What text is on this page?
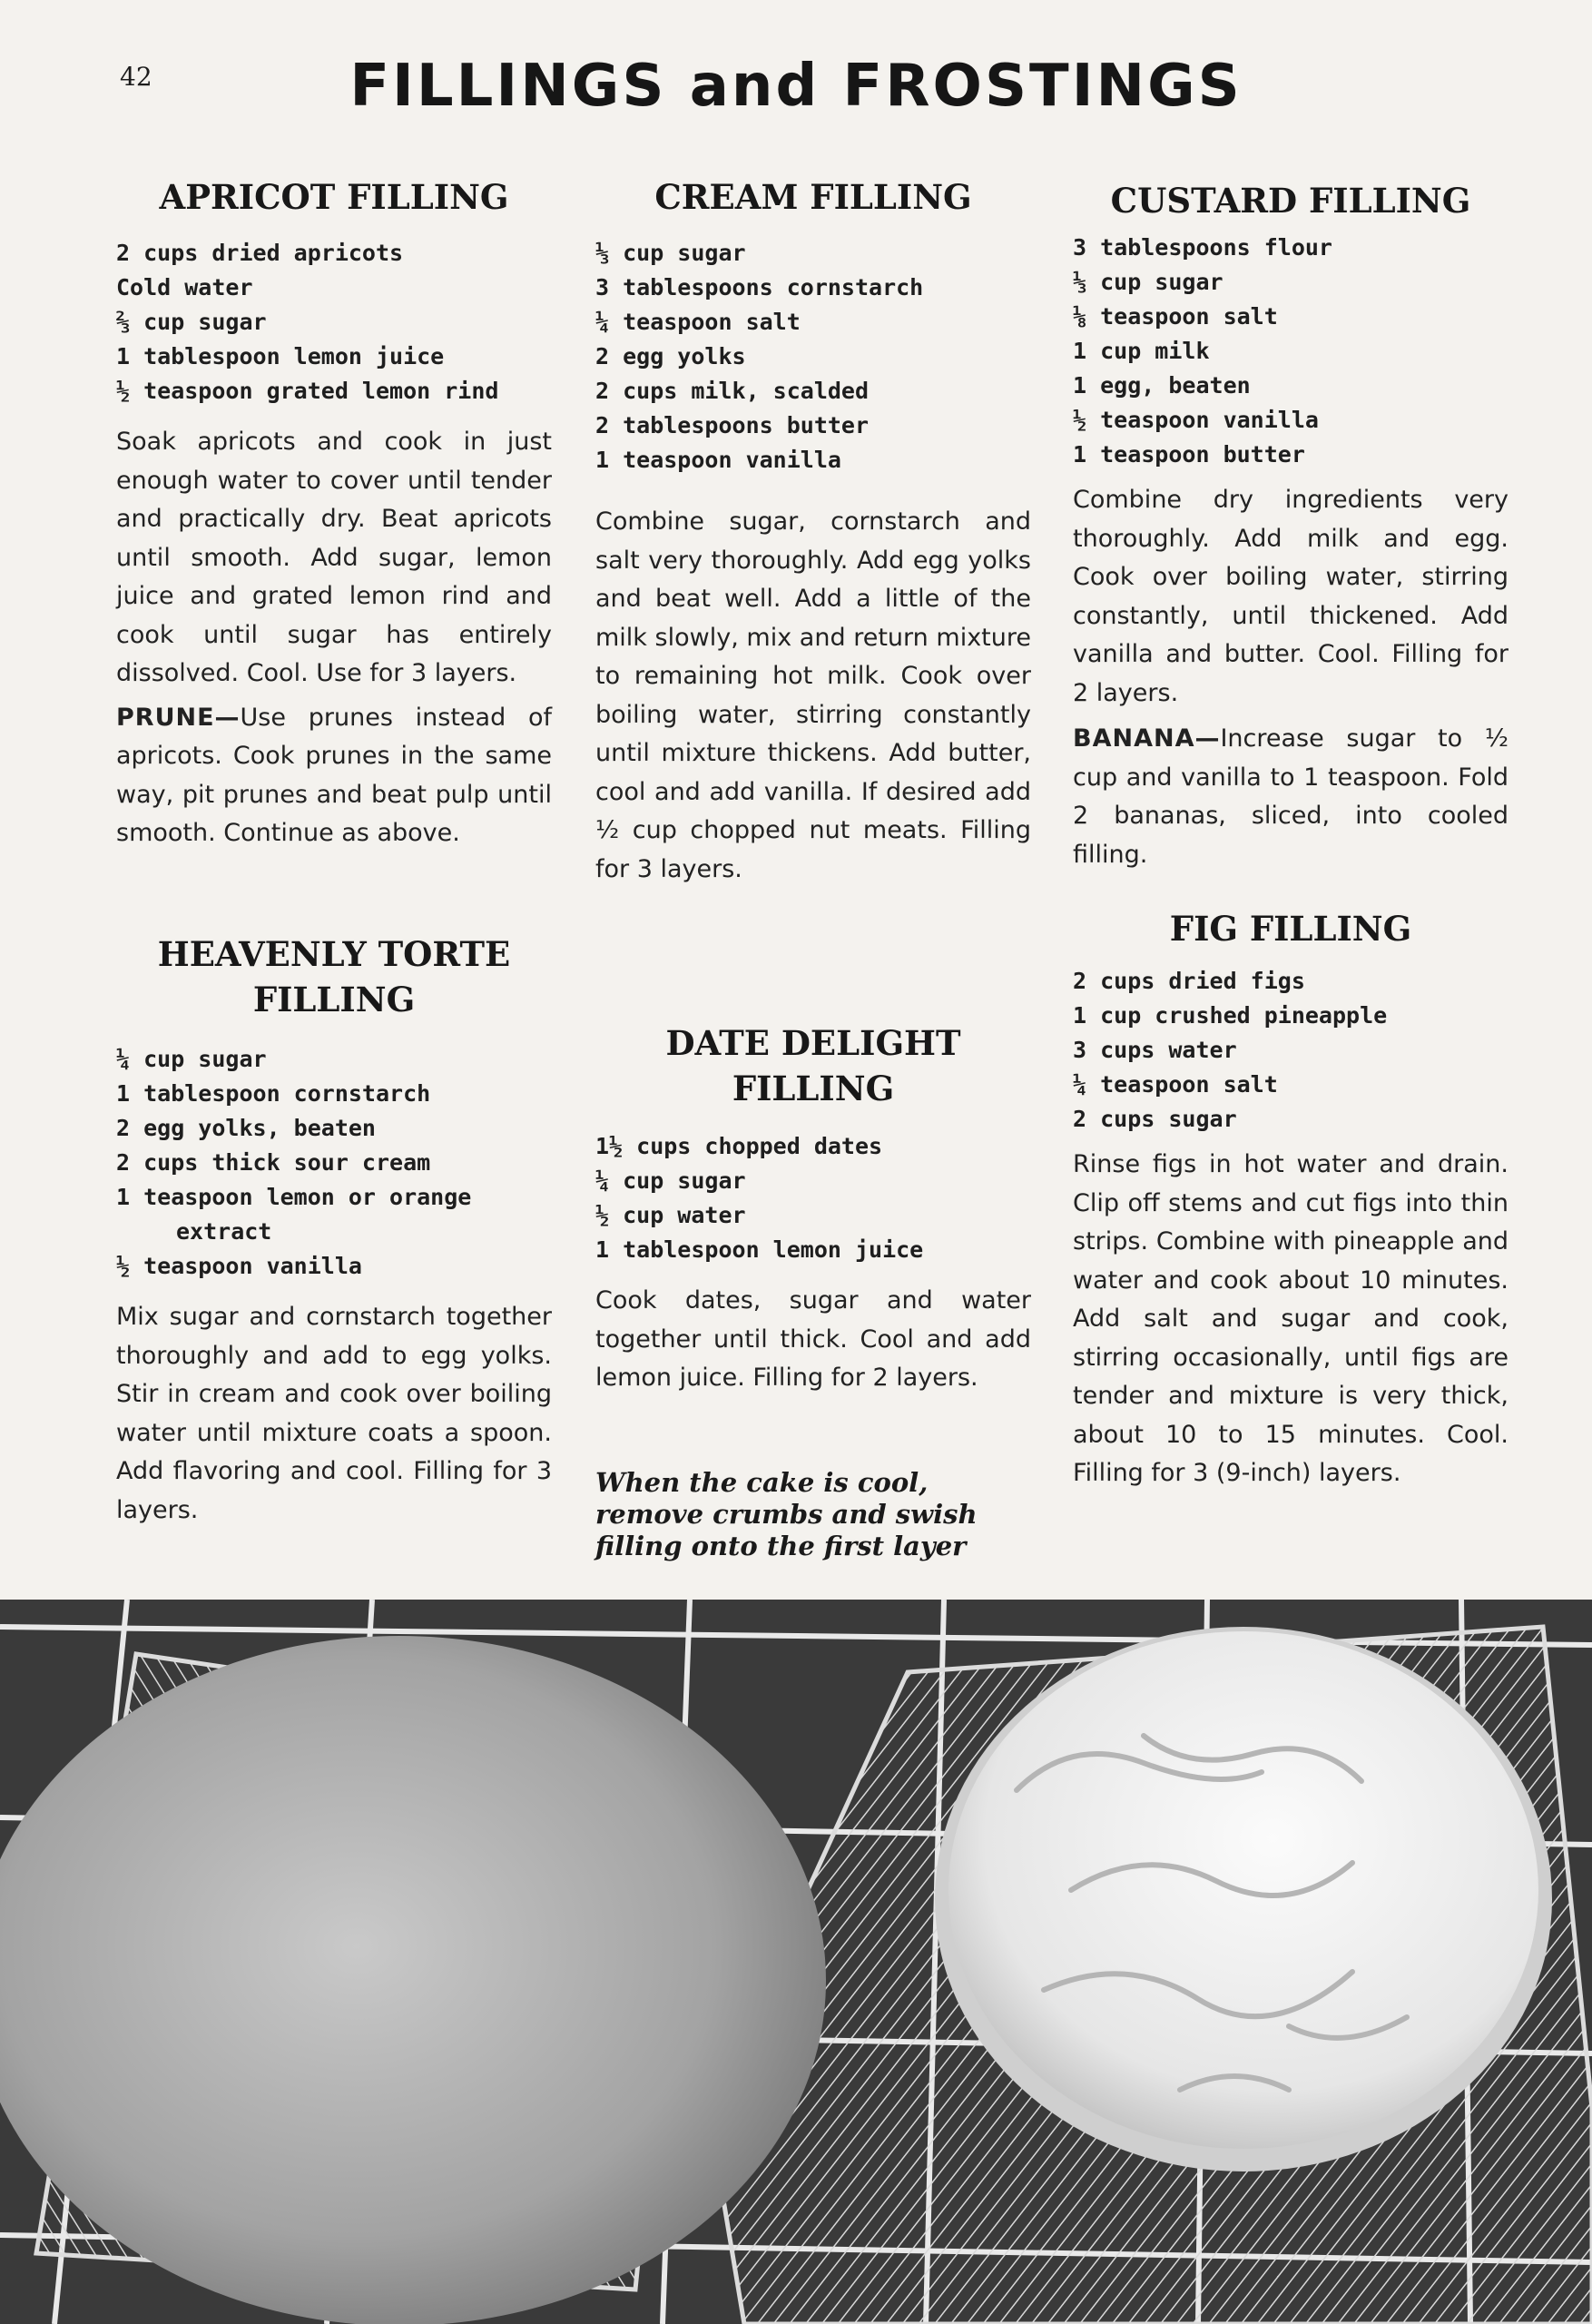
42	FILLINGS and FROSTINGS
APRICOT FILLING
2 cups dried apricots
Cold water
⅔ cup sugar
1 tablespoon lemon juice
½ teaspoon grated lemon rind

Soak apricots and cook in just enough water to cover until tender and practically dry. Beat apricots until smooth. Add sugar, lemon juice and grated lemon rind and cook until sugar has entirely dissolved. Cool. Use for 3 layers.

PRUNE—Use prunes instead of apricots. Cook prunes in the same way, pit prunes and beat pulp until smooth. Continue as above.

HEAVENLY TORTE
FILLING
¼ cup sugar
1 tablespoon cornstarch
2 egg yolks, beaten
2 cups thick sour cream
1 teaspoon lemon or orange
extract
½ teaspoon vanilla

Mix sugar and cornstarch together thoroughly and add to egg yolks. Stir in cream and cook over boiling water until mixture coats a spoon. Add flavoring and cool. Filling for 3 layers.

CREAM FILLING
⅓ cup sugar
3 tablespoons cornstarch
¼ teaspoon salt
2 egg yolks
2 cups milk, scalded
2 tablespoons butter
1 teaspoon vanilla

Combine sugar, cornstarch and salt very thoroughly. Add egg yolks and beat well. Add a little of the milk slowly, mix and return mixture to remaining hot milk. Cook over boiling water, stirring constantly until mixture thickens. Add butter, cool and add vanilla. If desired add ½ cup chopped nut meats. Filling for 3 layers.

DATE DELIGHT
FILLING
1½ cups chopped dates
¼ cup sugar
½ cup water
1 tablespoon lemon juice

Cook dates, sugar and water together until thick. Cool and add lemon juice. Filling for 2 layers.

When the cake is cool, remove crumbs and swish filling onto the first layer

CUSTARD FILLING
3 tablespoons flour
⅓ cup sugar
⅛ teaspoon salt
1 cup milk
1 egg, beaten
½ teaspoon vanilla
1 teaspoon butter

Combine dry ingredients very thoroughly. Add milk and egg. Cook over boiling water, stirring constantly, until thickened. Add vanilla and butter. Cool. Filling for 2 layers.

BANANA—Increase sugar to ½ cup and vanilla to 1 teaspoon. Fold 2 bananas, sliced, into cooled filling.

FIG FILLING
2 cups dried figs
1 cup crushed pineapple
3 cups water
¼ teaspoon salt
2 cups sugar

Rinse figs in hot water and drain. Clip off stems and cut figs into thin strips. Combine with pineapple and water and cook about 10 minutes. Add salt and sugar and cook, stirring occasionally, until figs are tender and mixture is very thick, about 10 to 15 minutes. Cool. Filling for 3 (9-inch) layers.
